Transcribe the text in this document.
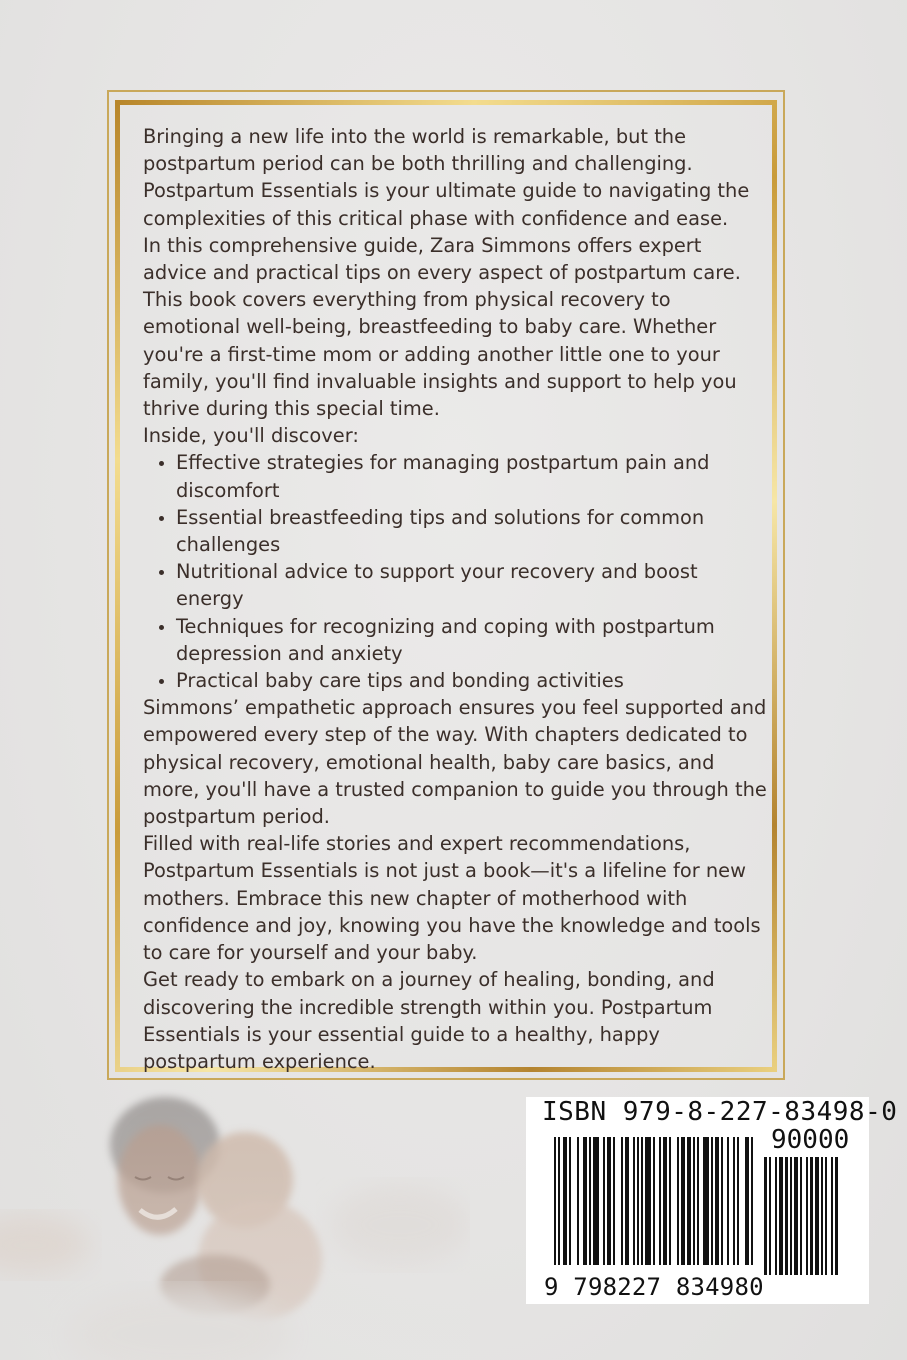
Bringing a new life into the world is remarkable, but the postpartum period can be both thrilling and challenging. Postpartum Essentials is your ultimate guide to navigating the complexities of this critical phase with confidence and ease.

In this comprehensive guide, Zara Simmons offers expert advice and practical tips on every aspect of postpartum care. This book covers everything from physical recovery to emotional well-being, breastfeeding to baby care. Whether you're a first-time mom or adding another little one to your family, you'll find invaluable insights and support to help you thrive during this special time.

Inside, you'll discover:

• Effective strategies for managing postpartum pain and discomfort
• Essential breastfeeding tips and solutions for common challenges
• Nutritional advice to support your recovery and boost energy
• Techniques for recognizing and coping with postpartum depression and anxiety
• Practical baby care tips and bonding activities

Simmons’ empathetic approach ensures you feel supported and empowered every step of the way. With chapters dedicated to physical recovery, emotional health, baby care basics, and more, you'll have a trusted companion to guide you through the postpartum period.

Filled with real-life stories and expert recommendations, Postpartum Essentials is not just a book—it's a lifeline for new mothers. Embrace this new chapter of motherhood with confidence and joy, knowing you have the knowledge and tools to care for yourself and your baby.

Get ready to embark on a journey of healing, bonding, and discovering the incredible strength within you. Postpartum Essentials is your essential guide to a healthy, happy postpartum experience.

ISBN 979-8-227-83498-0
90000
9 798227 834980
